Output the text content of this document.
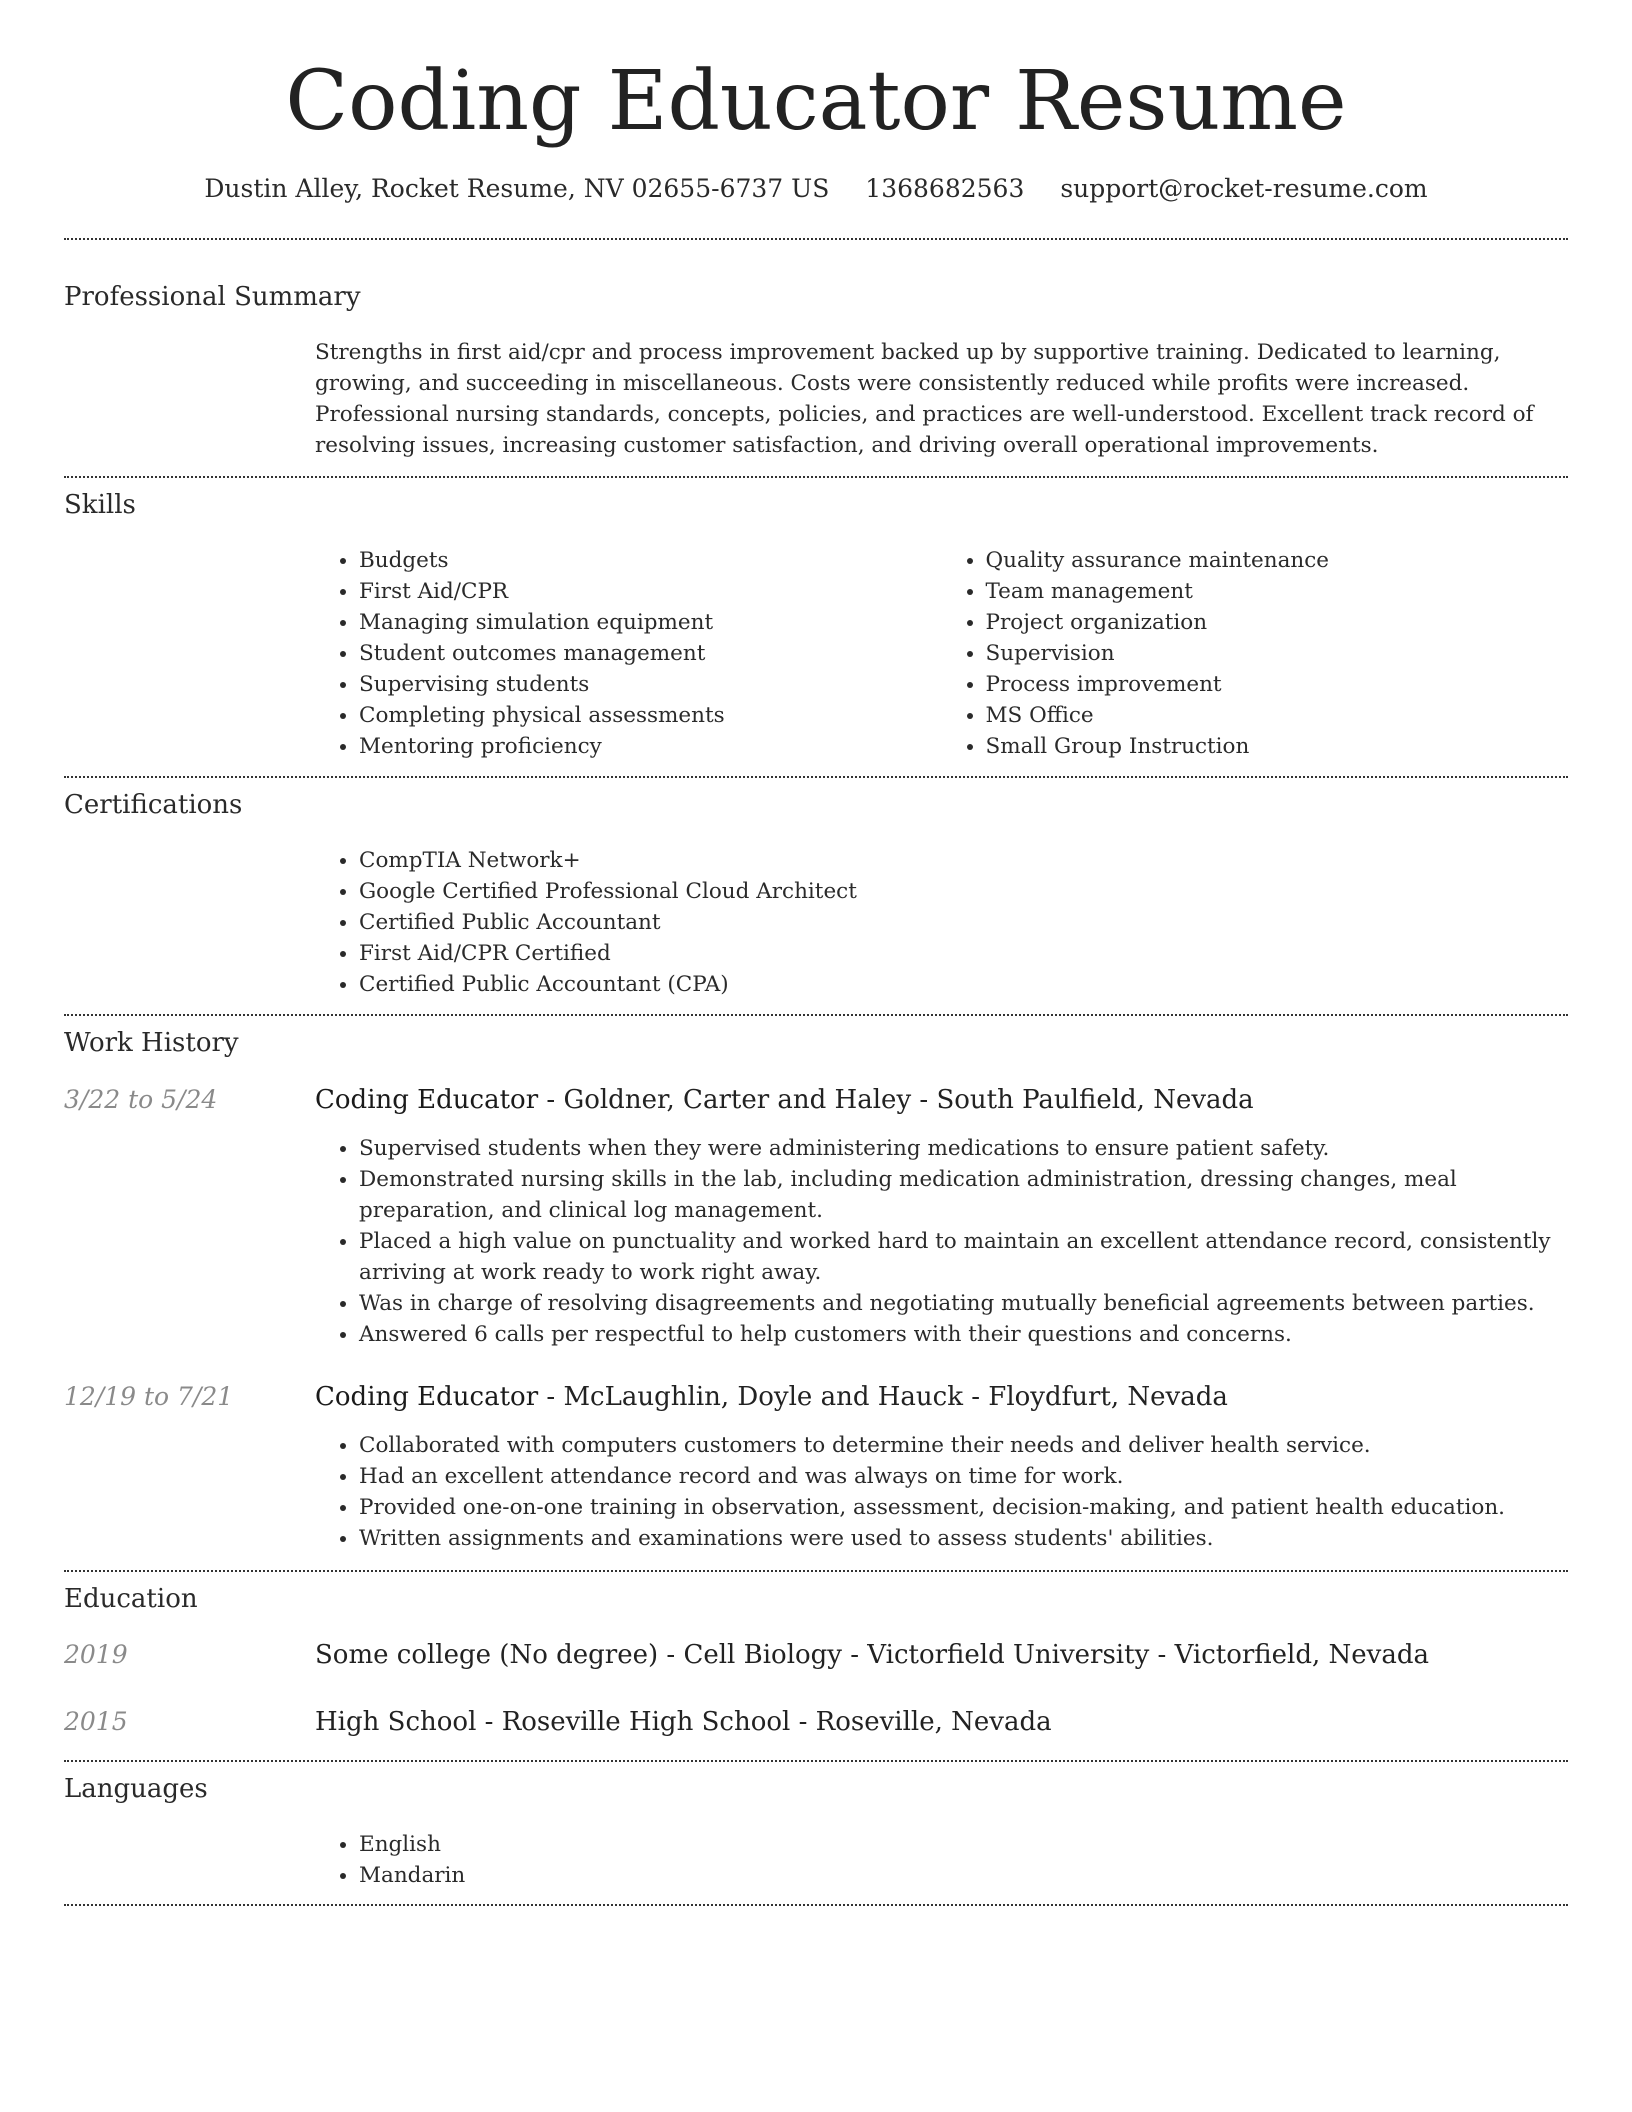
Coding Educator Resume
Dustin Alley, Rocket Resume, NV 02655-6737 US 1368682563 support@rocket-resume.com
Professional Summary
Strengths in first aid/cpr and process improvement backed up by supportive training. Dedicated to learning, growing, and succeeding in miscellaneous. Costs were consistently reduced while profits were increased. Professional nursing standards, concepts, policies, and practices are well-understood. Excellent track record of resolving issues, increasing customer satisfaction, and driving overall operational improvements.
Skills
• Budgets
• First Aid/CPR
• Managing simulation equipment
• Student outcomes management
• Supervising students
• Completing physical assessments
• Mentoring proficiency
• Quality assurance maintenance
• Team management
• Project organization
• Supervision
• Process improvement
• MS Office
• Small Group Instruction
Certifications
• CompTIA Network+
• Google Certified Professional Cloud Architect
• Certified Public Accountant
• First Aid/CPR Certified
• Certified Public Accountant (CPA)
Work History
3/22 to 5/24	Coding Educator - Goldner, Carter and Haley - South Paulfield, Nevada
• Supervised students when they were administering medications to ensure patient safety.
• Demonstrated nursing skills in the lab, including medication administration, dressing changes, meal preparation, and clinical log management.
• Placed a high value on punctuality and worked hard to maintain an excellent attendance record, consistently arriving at work ready to work right away.
• Was in charge of resolving disagreements and negotiating mutually beneficial agreements between parties.
• Answered 6 calls per respectful to help customers with their questions and concerns.
12/19 to 7/21	Coding Educator - McLaughlin, Doyle and Hauck - Floydfurt, Nevada
• Collaborated with computers customers to determine their needs and deliver health service.
• Had an excellent attendance record and was always on time for work.
• Provided one-on-one training in observation, assessment, decision-making, and patient health education.
• Written assignments and examinations were used to assess students' abilities.
Education
2019	Some college (No degree) - Cell Biology - Victorfield University - Victorfield, Nevada
2015	High School - Roseville High School - Roseville, Nevada
Languages
• English
• Mandarin
